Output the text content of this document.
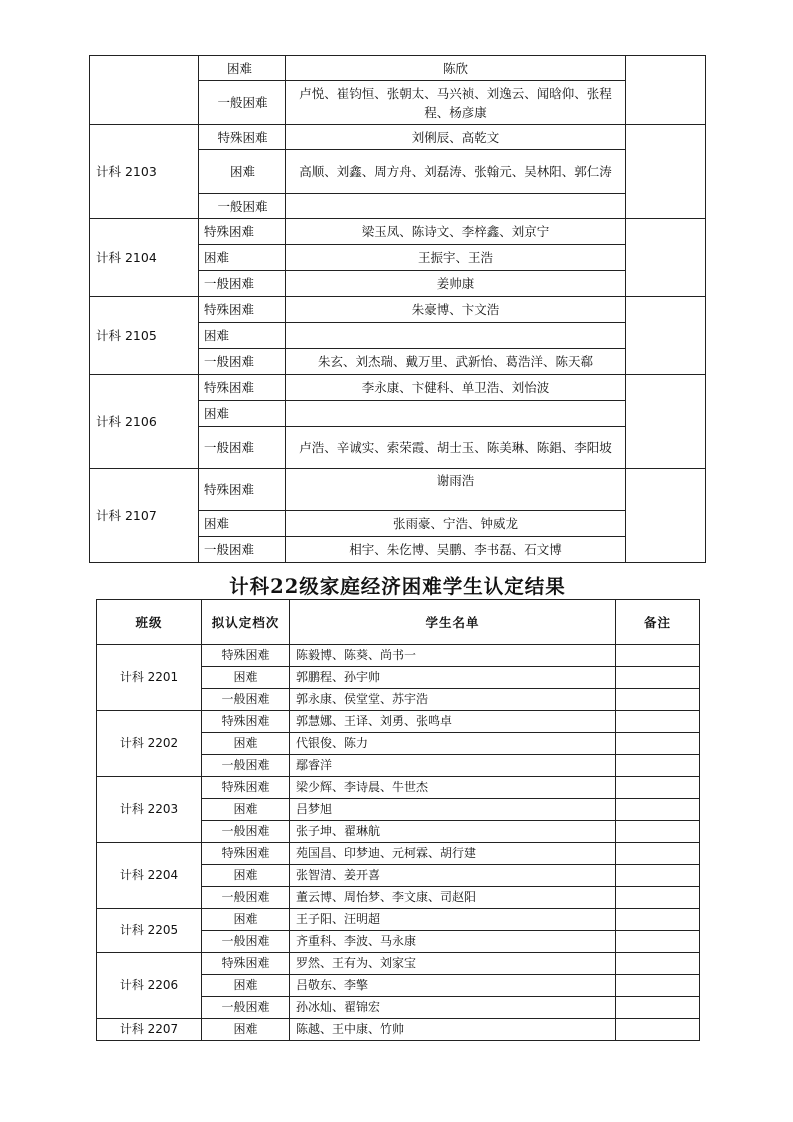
	困难	陈欣	
	一般困难	卢悦、崔钧恒、张朝太、马兴祯、刘逸云、闻晗仰、张程程、杨彦康	
计科 2103	特殊困难	刘俐辰、高乾文	
	困难	高顺、刘鑫、周方舟、刘磊涛、张翰元、吴林阳、郭仁涛	
	一般困难		
计科 2104	特殊困难	梁玉凤、陈诗文、李梓鑫、刘京宁	
	困难	王振宇、王浩	
	一般困难	姜帅康	
计科 2105	特殊困难	朱豪博、卞文浩	
	困难		
	一般困难	朱玄、刘杰瑞、戴万里、武新怡、葛浩洋、陈天郗	
计科 2106	特殊困难	李永康、卞健科、单卫浩、刘怡波	
	困难		
	一般困难	卢浩、辛诚实、索荣霞、胡士玉、陈美琳、陈錩、李阳坡	
计科 2107	特殊困难	谢雨浩	
	困难	张雨豪、宁浩、钟威龙	
	一般困难	相宇、朱仡博、吴鹏、李书磊、石文博	
计科22级家庭经济困难学生认定结果
班级	拟认定档次	学生名单	备注
计科 2201	特殊困难	陈毅博、陈葵、尚书一	
	困难	郭鹏程、孙宇帅	
	一般困难	郭永康、侯堂堂、苏宇浩	
计科 2202	特殊困难	郭慧娜、王译、刘勇、张鸣卓	
	困难	代银俊、陈力	
	一般困难	鄢睿洋	
计科 2203	特殊困难	梁少辉、李诗晨、牛世杰	
	困难	吕梦旭	
	一般困难	张子坤、翟琳航	
计科 2204	特殊困难	苑国昌、印梦迪、元柯霖、胡行建	
	困难	张智清、姜开喜	
	一般困难	董云博、周怡梦、李文康、司赵阳	
计科 2205	困难	王子阳、汪明超	
	一般困难	齐重科、李波、马永康	
计科 2206	特殊困难	罗然、王有为、刘家宝	
	困难	吕敬东、李擎	
	一般困难	孙冰灿、翟锦宏	
计科 2207	困难	陈越、王中康、竹帅	
